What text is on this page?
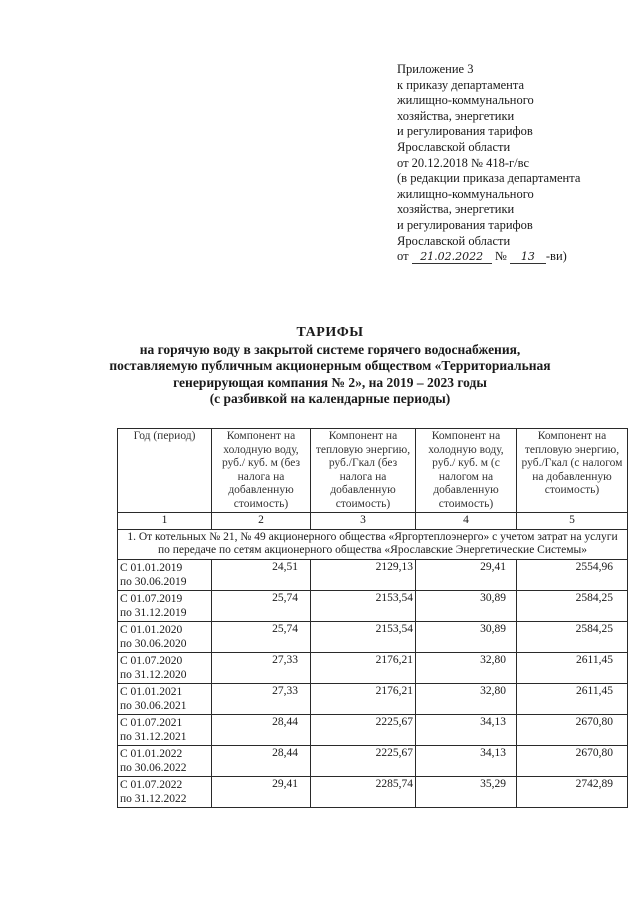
Приложение 3
к приказу департамента
жилищно-коммунального
хозяйства, энергетики
и регулирования тарифов
Ярославской области
от 20.12.2018 № 418-г/вс
(в редакции приказа департамента
жилищно-коммунального
хозяйства, энергетики
и регулирования тарифов
Ярославской области
от 21.02.2022 № 13 -ви)
ТАРИФЫ
на горячую воду в закрытой системе горячего водоснабжения,
поставляемую публичным акционерным обществом «Территориальная
генерирующая компания № 2», на 2019 – 2023 годы
(с разбивкой на календарные периоды)
Год (период)	Компонент на холодную воду, руб./ куб. м (без налога на добавленную стоимость)	Компонент на тепловую энергию, руб./Гкал (без налога на добавленную стоимость)	Компонент на холодную воду, руб./ куб. м (с налогом на добавленную стоимость)	Компонент на тепловую энергию, руб./Гкал (с налогом на добавленную стоимость)
1	2	3	4	5
1. От котельных № 21, № 49 акционерного общества «Яргортеплоэнерго» с учетом затрат на услуги по передаче по сетям акционерного общества «Ярославские Энергетические Системы»				

С 01.01.2019
по 30.06.2019	24,51	2129,13	29,41	2554,96

С 01.07.2019
по 31.12.2019	25,74	2153,54	30,89	2584,25

С 01.01.2020
по 30.06.2020	25,74	2153,54	30,89	2584,25

С 01.07.2020
по 31.12.2020	27,33	2176,21	32,80	2611,45

С 01.01.2021
по 30.06.2021	27,33	2176,21	32,80	2611,45

С 01.07.2021
по 31.12.2021	28,44	2225,67	34,13	2670,80

С 01.01.2022
по 30.06.2022	28,44	2225,67	34,13	2670,80

С 01.07.2022
по 31.12.2022	29,41	2285,74	35,29	2742,89
